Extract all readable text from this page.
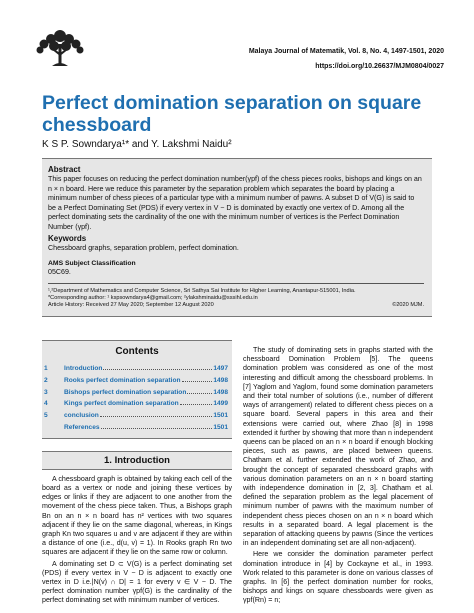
Malaya Journal of Matematik, Vol. 8, No. 4, 1497-1501, 2020
https://doi.org/10.26637/MJM0804/0027
Perfect domination separation on square chessboard
K S P. Sowndarya¹* and Y. Lakshmi Naidu²
Abstract
This paper focuses on reducing the perfect domination number(γpf) of the chess pieces rooks, bishops and kings on an n × n board. Here we reduce this parameter by the separation problem which separates the board by placing a minimum number of chess pieces of a particular type with a minimum number of pawns. A subset D of V(G) is said to be a Perfect Dominating Set (PDS) if every vertex in V − D is dominated by exactly one vertex of D. Among all the perfect dominating sets the cardinality of the one with the minimum number of vertices is the Perfect Domination Number (γpf).
Keywords
Chessboard graphs, separation problem, perfect domination.
AMS Subject Classification
05C69.
¹,²Department of Mathematics and Computer Science, Sri Sathya Sai Institute for Higher Learning, Anantapur-515001, India.
*Corresponding author: ¹ kspsowndarya4@gmail.com; ²ylakshminaidu@sssihl.edu.in
Article History: Received 27 May 2020; September 12 August 2020	©2020 MJM.
Contents
1	Introduction	1497
2	Rooks perfect domination separation	1498
3	Bishops perfect domination separation	1498
4	Kings perfect domination separation	1499
5	conclusion	1501
References	1501
1. Introduction

A chessboard graph is obtained by taking each cell of the board as a vertex or node and joining these vertices by edges or links if they are adjacent to one another from the movement of the chess piece taken. Thus, a Bishops graph Bn on an n × n board has n² vertices with two squares adjacent if they lie on the same diagonal, whereas, in Kings graph Kn two squares u and v are adjacent if they are within a distance of one (i.e., d(u, v) = 1). In Rooks graph Rn two squares are adjacent if they lie on the same row or column.

A dominating set D ⊂ V(G) is a perfect dominating set (PDS) if every vertex in V − D is adjacent to exactly one vertex in D i.e.|N(v) ∩ D| = 1 for every v ∈ V − D. The perfect domination number γpf(G) is the cardinality of the perfect dominating set with minimum number of vertices.

The study of dominating sets in graphs started with the chessboard Domination Problem [5]. The queens domination problem was considered as one of the most interesting and difficult among the chessboard problems. In [7] Yaglom and Yaglom, found some domination parameters and their total number of solutions (i.e., number of different ways of arrangement) related to different chess pieces on a square board. Several papers in this area and their extensions were carried out, where Zhao [8] in 1998 extended it further by showing that more than n independent queens can be placed on an n × n board if enough blocking pieces, such as pawns, are placed between queens. Chatham et al. further extended the work of Zhao, and brought the concept of separated chessboard graphs with various domination parameters on an n × n board starting with independence domination in [2, 3]. Chatham et al. defined the separation problem as the legal placement of minimum number of pawns with the maximum number of independent chess pieces chosen on an n × n board which results in a separated board. A legal placement is the separation of attacking queens by pawns (Since the vertices in an independent dominating set are all non-adjacent).

Here we consider the domination parameter perfect domination introduce in [4] by Cockayne et al., in 1993. Work related to this parameter is done on various classes of graphs. In [6] the perfect domination number for rooks, bishops and kings on square chessboards were given as γpf(Rn) = n;
